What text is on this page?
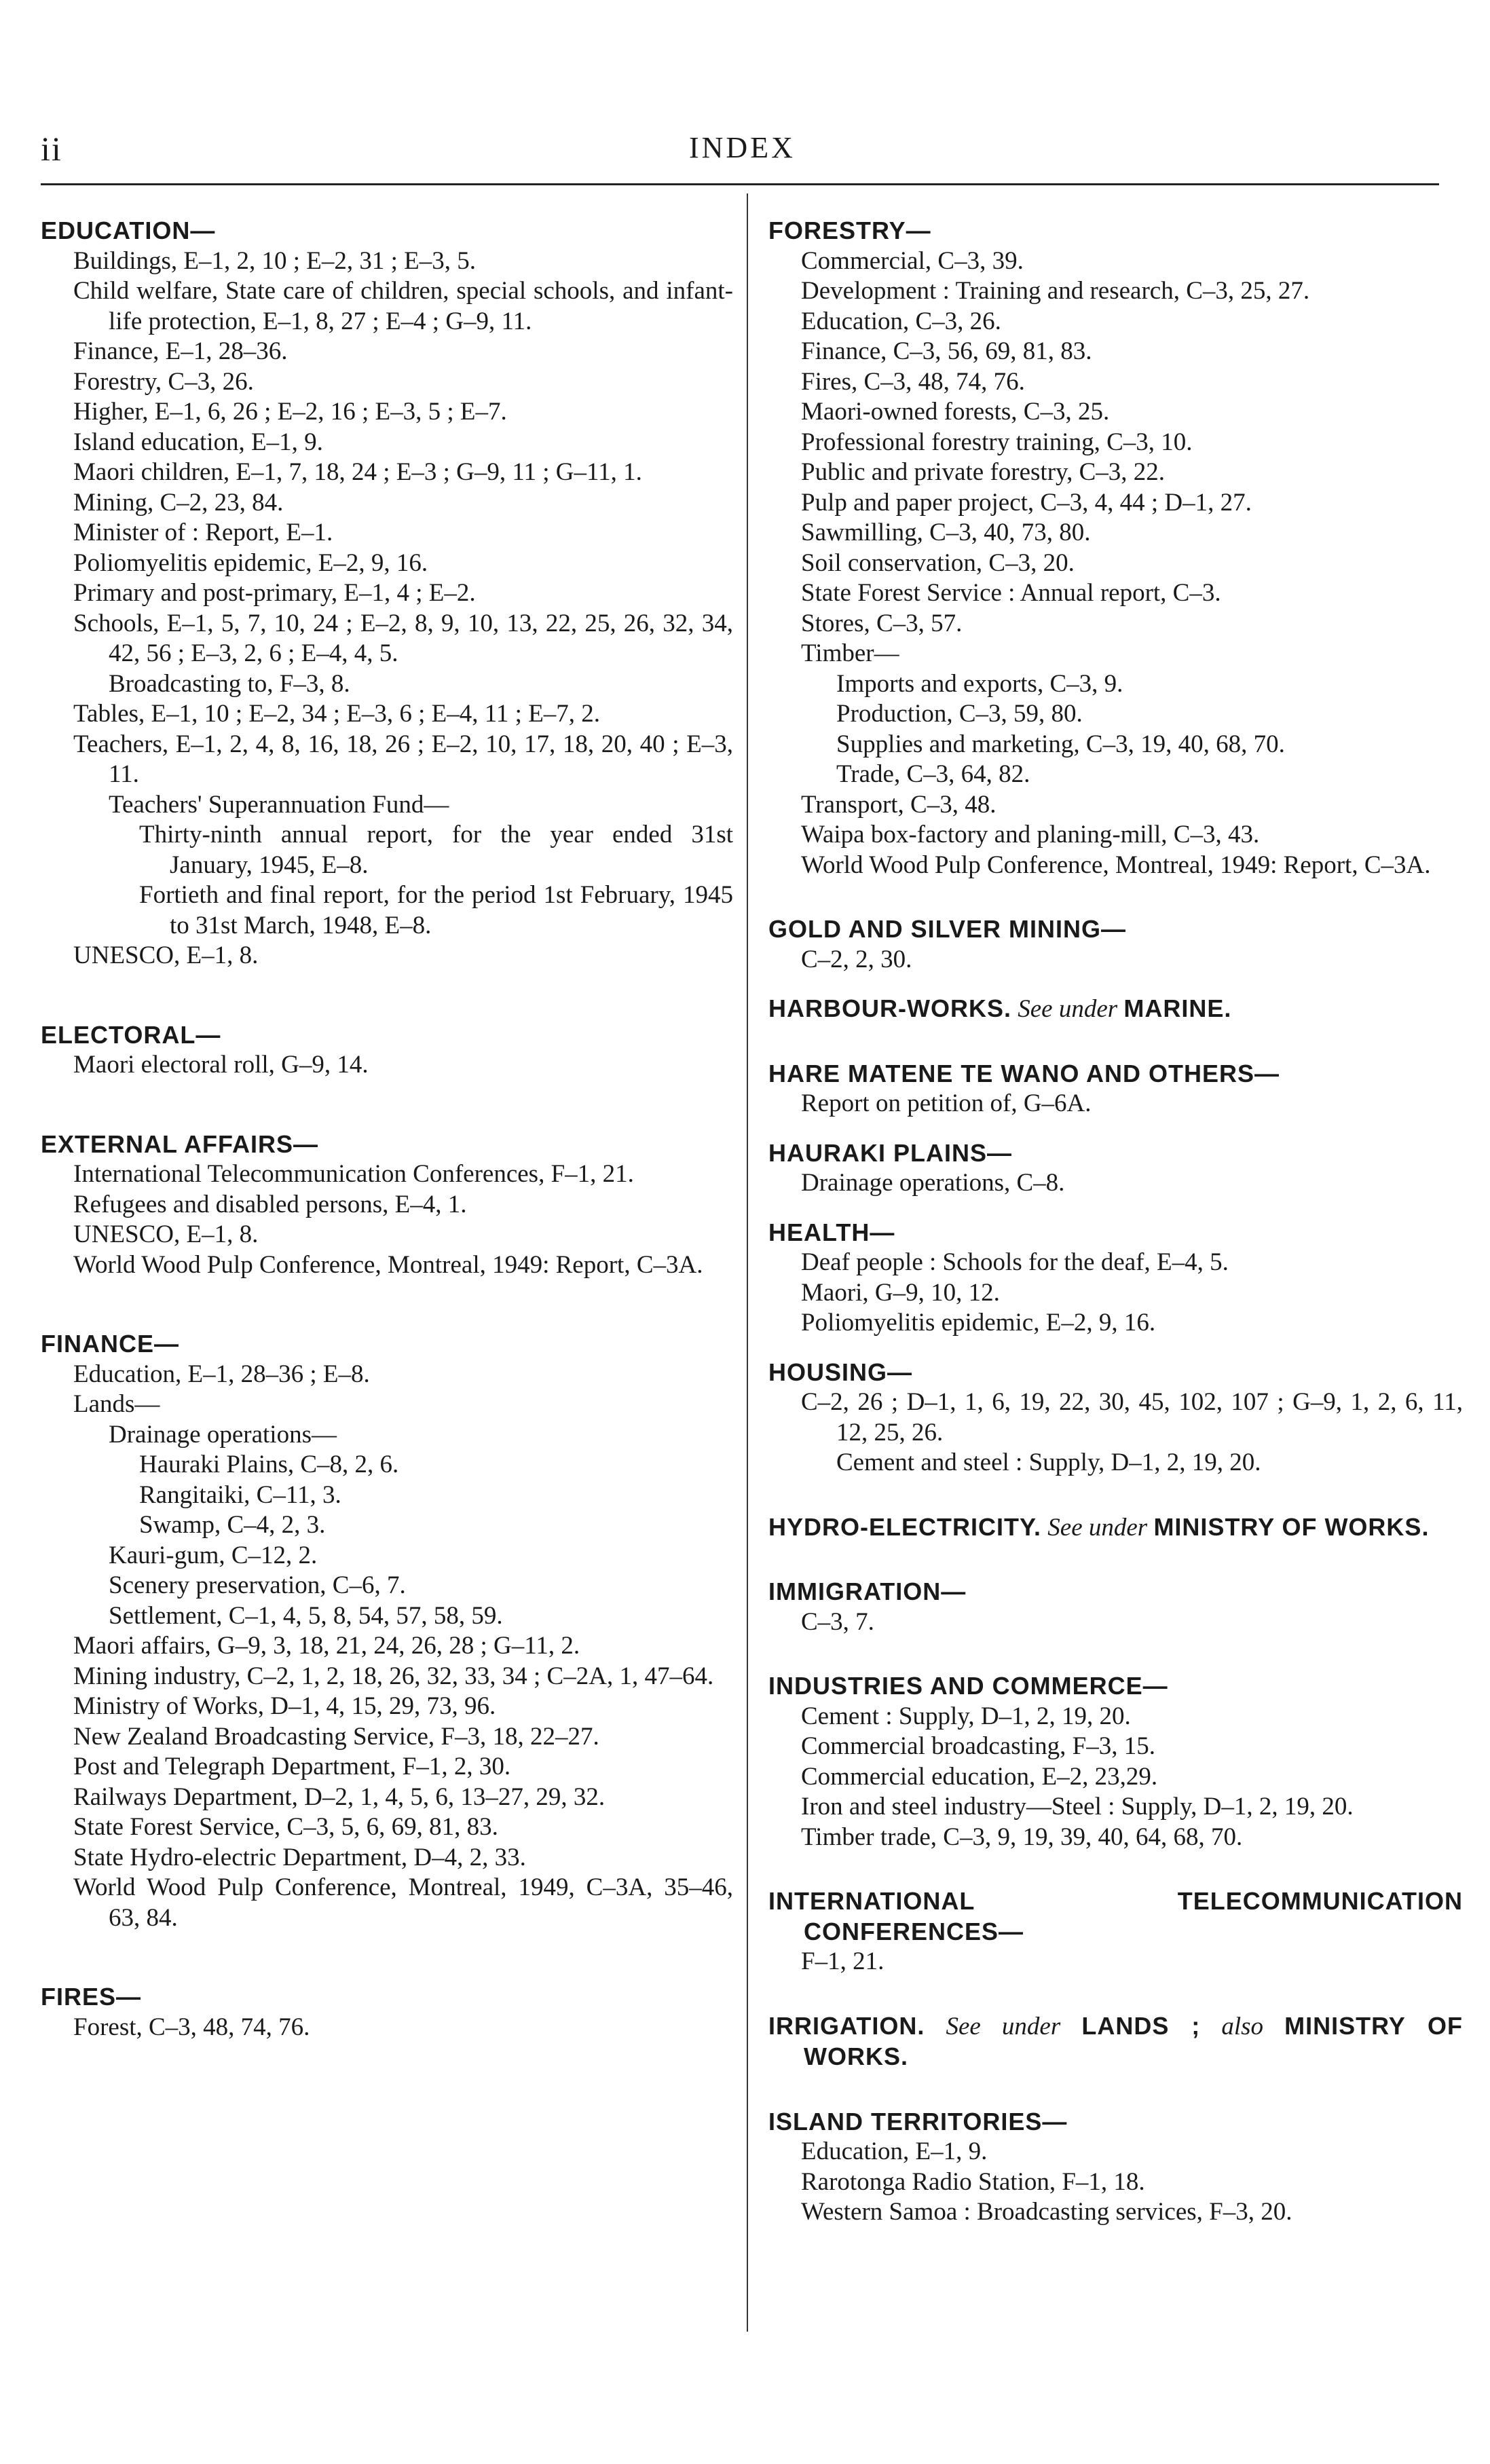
ii	INDEX
EDUCATION—
Buildings, E–1, 2, 10 ; E–2, 31 ; E–3, 5.
Child welfare, State care of children, special schools, and infant-life protection, E–1, 8, 27 ; E–4 ; G–9, 11.
Finance, E–1, 28–36.
Forestry, C–3, 26.
Higher, E–1, 6, 26 ; E–2, 16 ; E–3, 5 ; E–7.
Island education, E–1, 9.
Maori children, E–1, 7, 18, 24 ; E–3 ; G–9, 11 ; G–11, 1.
Mining, C–2, 23, 84.
Minister of : Report, E–1.
Poliomyelitis epidemic, E–2, 9, 16.
Primary and post-primary, E–1, 4 ; E–2.
Schools, E–1, 5, 7, 10, 24 ; E–2, 8, 9, 10, 13, 22, 25, 26, 32, 34, 42, 56 ; E–3, 2, 6 ; E–4, 4, 5.
Broadcasting to, F–3, 8.
Tables, E–1, 10 ; E–2, 34 ; E–3, 6 ; E–4, 11 ; E–7, 2.
Teachers, E–1, 2, 4, 8, 16, 18, 26 ; E–2, 10, 17, 18, 20, 40 ; E–3, 11.
Teachers' Superannuation Fund—
Thirty-ninth annual report, for the year ended 31st January, 1945, E–8.
Fortieth and final report, for the period 1st February, 1945 to 31st March, 1948, E–8.
UNESCO, E–1, 8.
ELECTORAL—
Maori electoral roll, G–9, 14.
EXTERNAL AFFAIRS—
International Telecommunication Conferences, F–1, 21.
Refugees and disabled persons, E–4, 1.
UNESCO, E–1, 8.
World Wood Pulp Conference, Montreal, 1949: Report, C–3A.
FINANCE—
Education, E–1, 28–36 ; E–8.
Lands—
Drainage operations—
Hauraki Plains, C–8, 2, 6.
Rangitaiki, C–11, 3.
Swamp, C–4, 2, 3.
Kauri-gum, C–12, 2.
Scenery preservation, C–6, 7.
Settlement, C–1, 4, 5, 8, 54, 57, 58, 59.
Maori affairs, G–9, 3, 18, 21, 24, 26, 28 ; G–11, 2.
Mining industry, C–2, 1, 2, 18, 26, 32, 33, 34 ; C–2A, 1, 47–64.
Ministry of Works, D–1, 4, 15, 29, 73, 96.
New Zealand Broadcasting Service, F–3, 18, 22–27.
Post and Telegraph Department, F–1, 2, 30.
Railways Department, D–2, 1, 4, 5, 6, 13–27, 29, 32.
State Forest Service, C–3, 5, 6, 69, 81, 83.
State Hydro-electric Department, D–4, 2, 33.
World Wood Pulp Conference, Montreal, 1949, C–3A, 35–46, 63, 84.
FIRES—
Forest, C–3, 48, 74, 76.
FORESTRY—
Commercial, C–3, 39.
Development : Training and research, C–3, 25, 27.
Education, C–3, 26.
Finance, C–3, 56, 69, 81, 83.
Fires, C–3, 48, 74, 76.
Maori-owned forests, C–3, 25.
Professional forestry training, C–3, 10.
Public and private forestry, C–3, 22.
Pulp and paper project, C–3, 4, 44 ; D–1, 27.
Sawmilling, C–3, 40, 73, 80.
Soil conservation, C–3, 20.
State Forest Service : Annual report, C–3.
Stores, C–3, 57.
Timber—
Imports and exports, C–3, 9.
Production, C–3, 59, 80.
Supplies and marketing, C–3, 19, 40, 68, 70.
Trade, C–3, 64, 82.
Transport, C–3, 48.
Waipa box-factory and planing-mill, C–3, 43.
World Wood Pulp Conference, Montreal, 1949: Report, C–3A.
GOLD AND SILVER MINING—
C–2, 2, 30.
HARBOUR-WORKS. See under MARINE.
HARE MATENE TE WANO AND OTHERS—
Report on petition of, G–6A.
HAURAKI PLAINS—
Drainage operations, C–8.
HEALTH—
Deaf people : Schools for the deaf, E–4, 5.
Maori, G–9, 10, 12.
Poliomyelitis epidemic, E–2, 9, 16.
HOUSING—
C–2, 26 ; D–1, 1, 6, 19, 22, 30, 45, 102, 107 ; G–9, 1, 2, 6, 11, 12, 25, 26.
Cement and steel : Supply, D–1, 2, 19, 20.
HYDRO-ELECTRICITY. See under MINISTRY OF WORKS.
IMMIGRATION—
C–3, 7.
INDUSTRIES AND COMMERCE—
Cement : Supply, D–1, 2, 19, 20.
Commercial broadcasting, F–3, 15.
Commercial education, E–2, 23,29.
Iron and steel industry—Steel : Supply, D–1, 2, 19, 20.
Timber trade, C–3, 9, 19, 39, 40, 64, 68, 70.
INTERNATIONAL TELECOMMUNICATION CONFERENCES—
F–1, 21.
IRRIGATION. See under LANDS ; also MINISTRY OF WORKS.
ISLAND TERRITORIES—
Education, E–1, 9.
Rarotonga Radio Station, F–1, 18.
Western Samoa : Broadcasting services, F–3, 20.
